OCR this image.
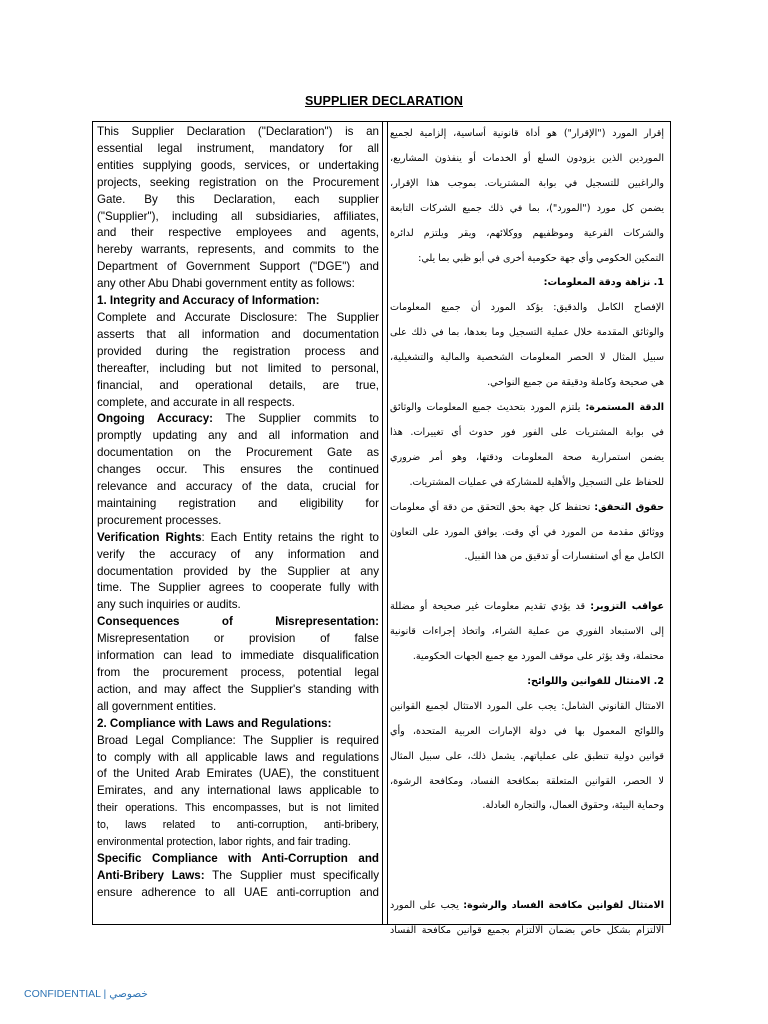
SUPPLIER DECLARATION
This Supplier Declaration ("Declaration") is an
essential legal instrument, mandatory for all
entities supplying goods, services, or undertaking
projects, seeking registration on the Procurement
Gate. By this Declaration, each supplier
("Supplier"), including all subsidiaries, affiliates,
and their respective employees and agents,
hereby warrants, represents, and commits to the
Department of Government Support ("DGE") and
any other Abu Dhabi government entity as follows:
1. Integrity and Accuracy of Information:
Complete and Accurate Disclosure: The Supplier
asserts that all information and documentation
provided during the registration process and
thereafter, including but not limited to personal,
financial, and operational details, are true,
complete, and accurate in all respects.
Ongoing Accuracy: The Supplier commits to
promptly updating any and all information and
documentation on the Procurement Gate as
changes occur. This ensures the continued
relevance and accuracy of the data, crucial for
maintaining registration and eligibility for
procurement processes.
Verification Rights: Each Entity retains the right to
verify the accuracy of any information and
documentation provided by the Supplier at any
time. The Supplier agrees to cooperate fully with
any such inquiries or audits.
Consequences of Misrepresentation:
Misrepresentation or provision of false
information can lead to immediate disqualification
from the procurement process, potential legal
action, and may affect the Supplier's standing with
all government entities.
2. Compliance with Laws and Regulations:
Broad Legal Compliance: The Supplier is required
to comply with all applicable laws and regulations
of the United Arab Emirates (UAE), the constituent
Emirates, and any international laws applicable to
their operations. This encompasses, but is not limited
to, laws related to anti-corruption, anti-bribery,
environmental protection, labor rights, and fair trading.
Specific Compliance with Anti-Corruption and
Anti-Bribery Laws: The Supplier must specifically
ensure adherence to all UAE anti-corruption and
إقرار المورد ("الإقرار") هو أداة قانونية أساسية، إلزامية لجميع
الموردين الذين يزودون السلع أو الخدمات أو ينفذون المشاريع،
والراغبين للتسجيل في بوابة المشتريات. بموجب هذا الإقرار،
يضمن كل مورد ("المورد")، بما في ذلك جميع الشركات التابعة
والشركات الفرعية وموظفيهم ووكلائهم، ويقر ويلتزم لدائرة
التمكين الحكومي وأي جهة حكومية أخرى في أبو ظبي بما يلي:
1. نزاهة ودقة المعلومات:
الإفصاح الكامل والدقيق: يؤكد المورد أن جميع المعلومات
والوثائق المقدمة خلال عملية التسجيل وما بعدها، بما في ذلك على
سبيل المثال لا الحصر المعلومات الشخصية والمالية والتشغيلية،
هي صحيحة وكاملة ودقيقة من جميع النواحي.
الدقة المستمرة: يلتزم المورد بتحديث جميع المعلومات والوثائق
في بوابة المشتريات على الفور فور حدوث أي تغييرات. هذا
يضمن استمرارية صحة المعلومات ودقتها، وهو أمر ضروري
للحفاظ على التسجيل والأهلية للمشاركة في عمليات المشتريات.
حقوق التحقق: تحتفظ كل جهة بحق التحقق من دقة أي معلومات
ووثائق مقدمة من المورد في أي وقت. يوافق المورد على التعاون
الكامل مع أي استفسارات أو تدقيق من هذا القبيل.

عواقب التزوير: قد يؤدي تقديم معلومات غير صحيحة أو مضللة
إلى الاستبعاد الفوري من عملية الشراء، واتخاذ إجراءات قانونية
محتملة، وقد يؤثر على موقف المورد مع جميع الجهات الحكومية.
2. الامتثال للقوانين واللوائح:
الامتثال القانوني الشامل: يجب على المورد الامتثال لجميع القوانين
واللوائح المعمول بها في دولة الإمارات العربية المتحدة، وأي
قوانين دولية تنطبق على عملياتهم. يشمل ذلك، على سبيل المثال
لا الحصر، القوانين المتعلقة بمكافحة الفساد، ومكافحة الرشوة،
وحماية البيئة، وحقوق العمال، والتجارة العادلة.

الامتثال لقوانين مكافحة الفساد والرشوة: يجب على المورد
الالتزام بشكل خاص بضمان الالتزام بجميع قوانين مكافحة الفساد
CONFIDENTIAL | خصوصي
